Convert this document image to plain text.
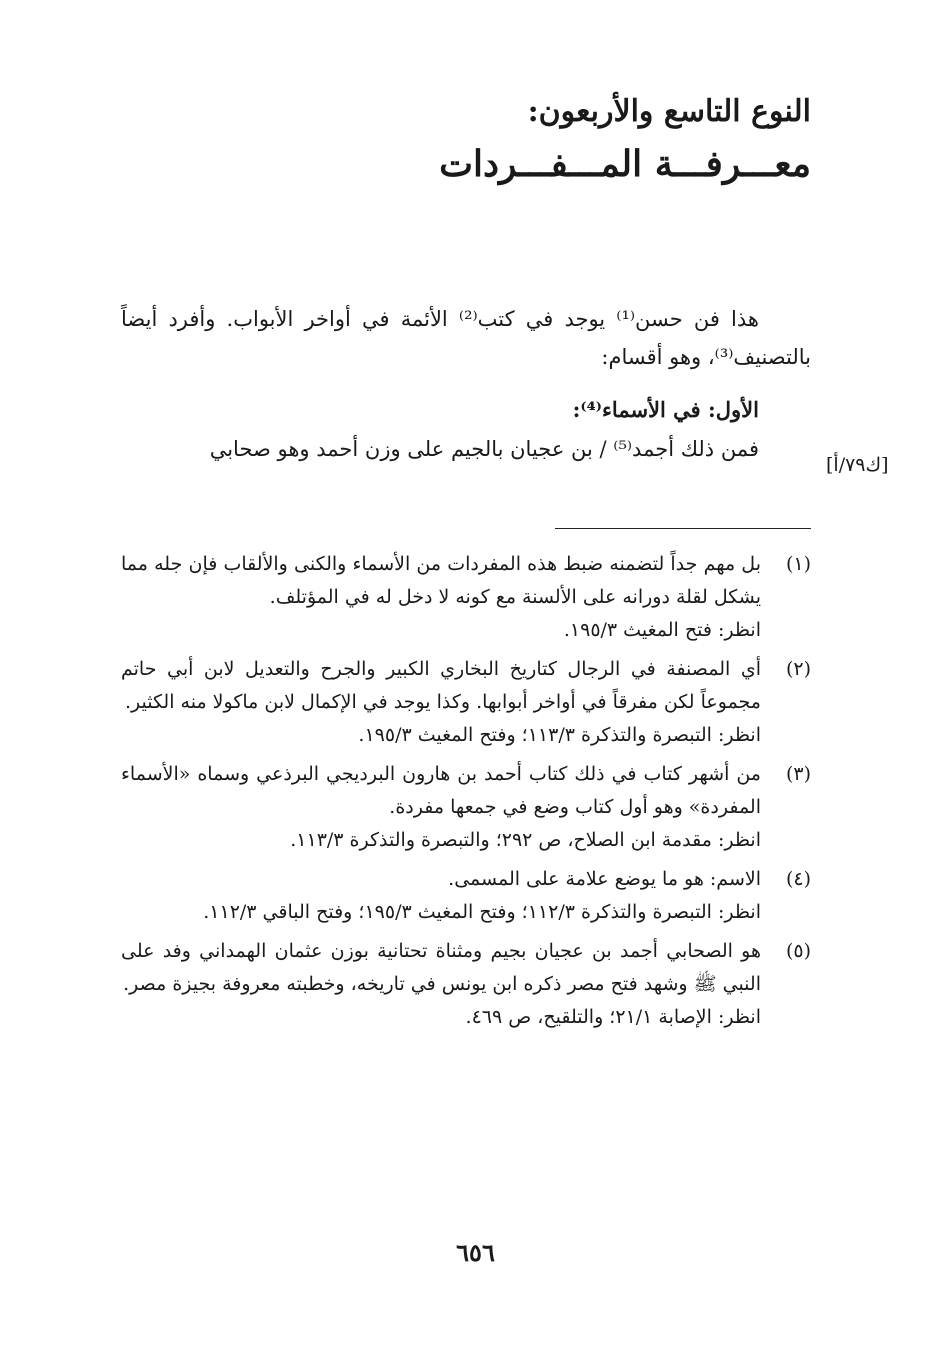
النوع التاسع والأربعون:
معـــرفـــة المـــفـــردات

هذا فن حسن⁽¹⁾ يوجد في كتب⁽²⁾ الأئمة في أواخر الأبواب. وأفرد أيضاً بالتصنيف⁽³⁾، وهو أقسام:

الأول: في الأسماء⁽⁴⁾:

فمن ذلك أجمد⁽⁵⁾ / بن عجيان بالجيم على وزن أحمد وهو صحابي

[ك٧٩/أ]
(١)

بل مهم جداً لتضمنه ضبط هذه المفردات من الأسماء والكنى والألقاب فإن جله مما يشكل لقلة دورانه على الألسنة مع كونه لا دخل له في المؤتلف.

انظر: فتح المغيث ١٩٥/٣.

(٢)

أي المصنفة في الرجال كتاريخ البخاري الكبير والجرح والتعديل لابن أبي حاتم مجموعاً لكن مفرقاً في أواخر أبوابها. وكذا يوجد في الإكمال لابن ماكولا منه الكثير.

انظر: التبصرة والتذكرة ١١٣/٣؛ وفتح المغيث ١٩٥/٣.

(٣)

من أشهر كتاب في ذلك كتاب أحمد بن هارون البرديجي البرذعي وسماه «الأسماء المفردة» وهو أول كتاب وضع في جمعها مفردة.

انظر: مقدمة ابن الصلاح، ص ٢٩٢؛ والتبصرة والتذكرة ١١٣/٣.

(٤)

الاسم: هو ما يوضع علامة على المسمى.

انظر: التبصرة والتذكرة ١١٢/٣؛ وفتح المغيث ١٩٥/٣؛ وفتح الباقي ١١٢/٣.

(٥)

هو الصحابي أجمد بن عجيان بجيم ومثناة تحتانية بوزن عثمان الهمداني وفد على النبي ﷺ وشهد فتح مصر ذكره ابن يونس في تاريخه، وخطبته معروفة بجيزة مصر.

انظر: الإصابة ٢١/١؛ والتلقيح، ص ٤٦٩.

٦٥٦
